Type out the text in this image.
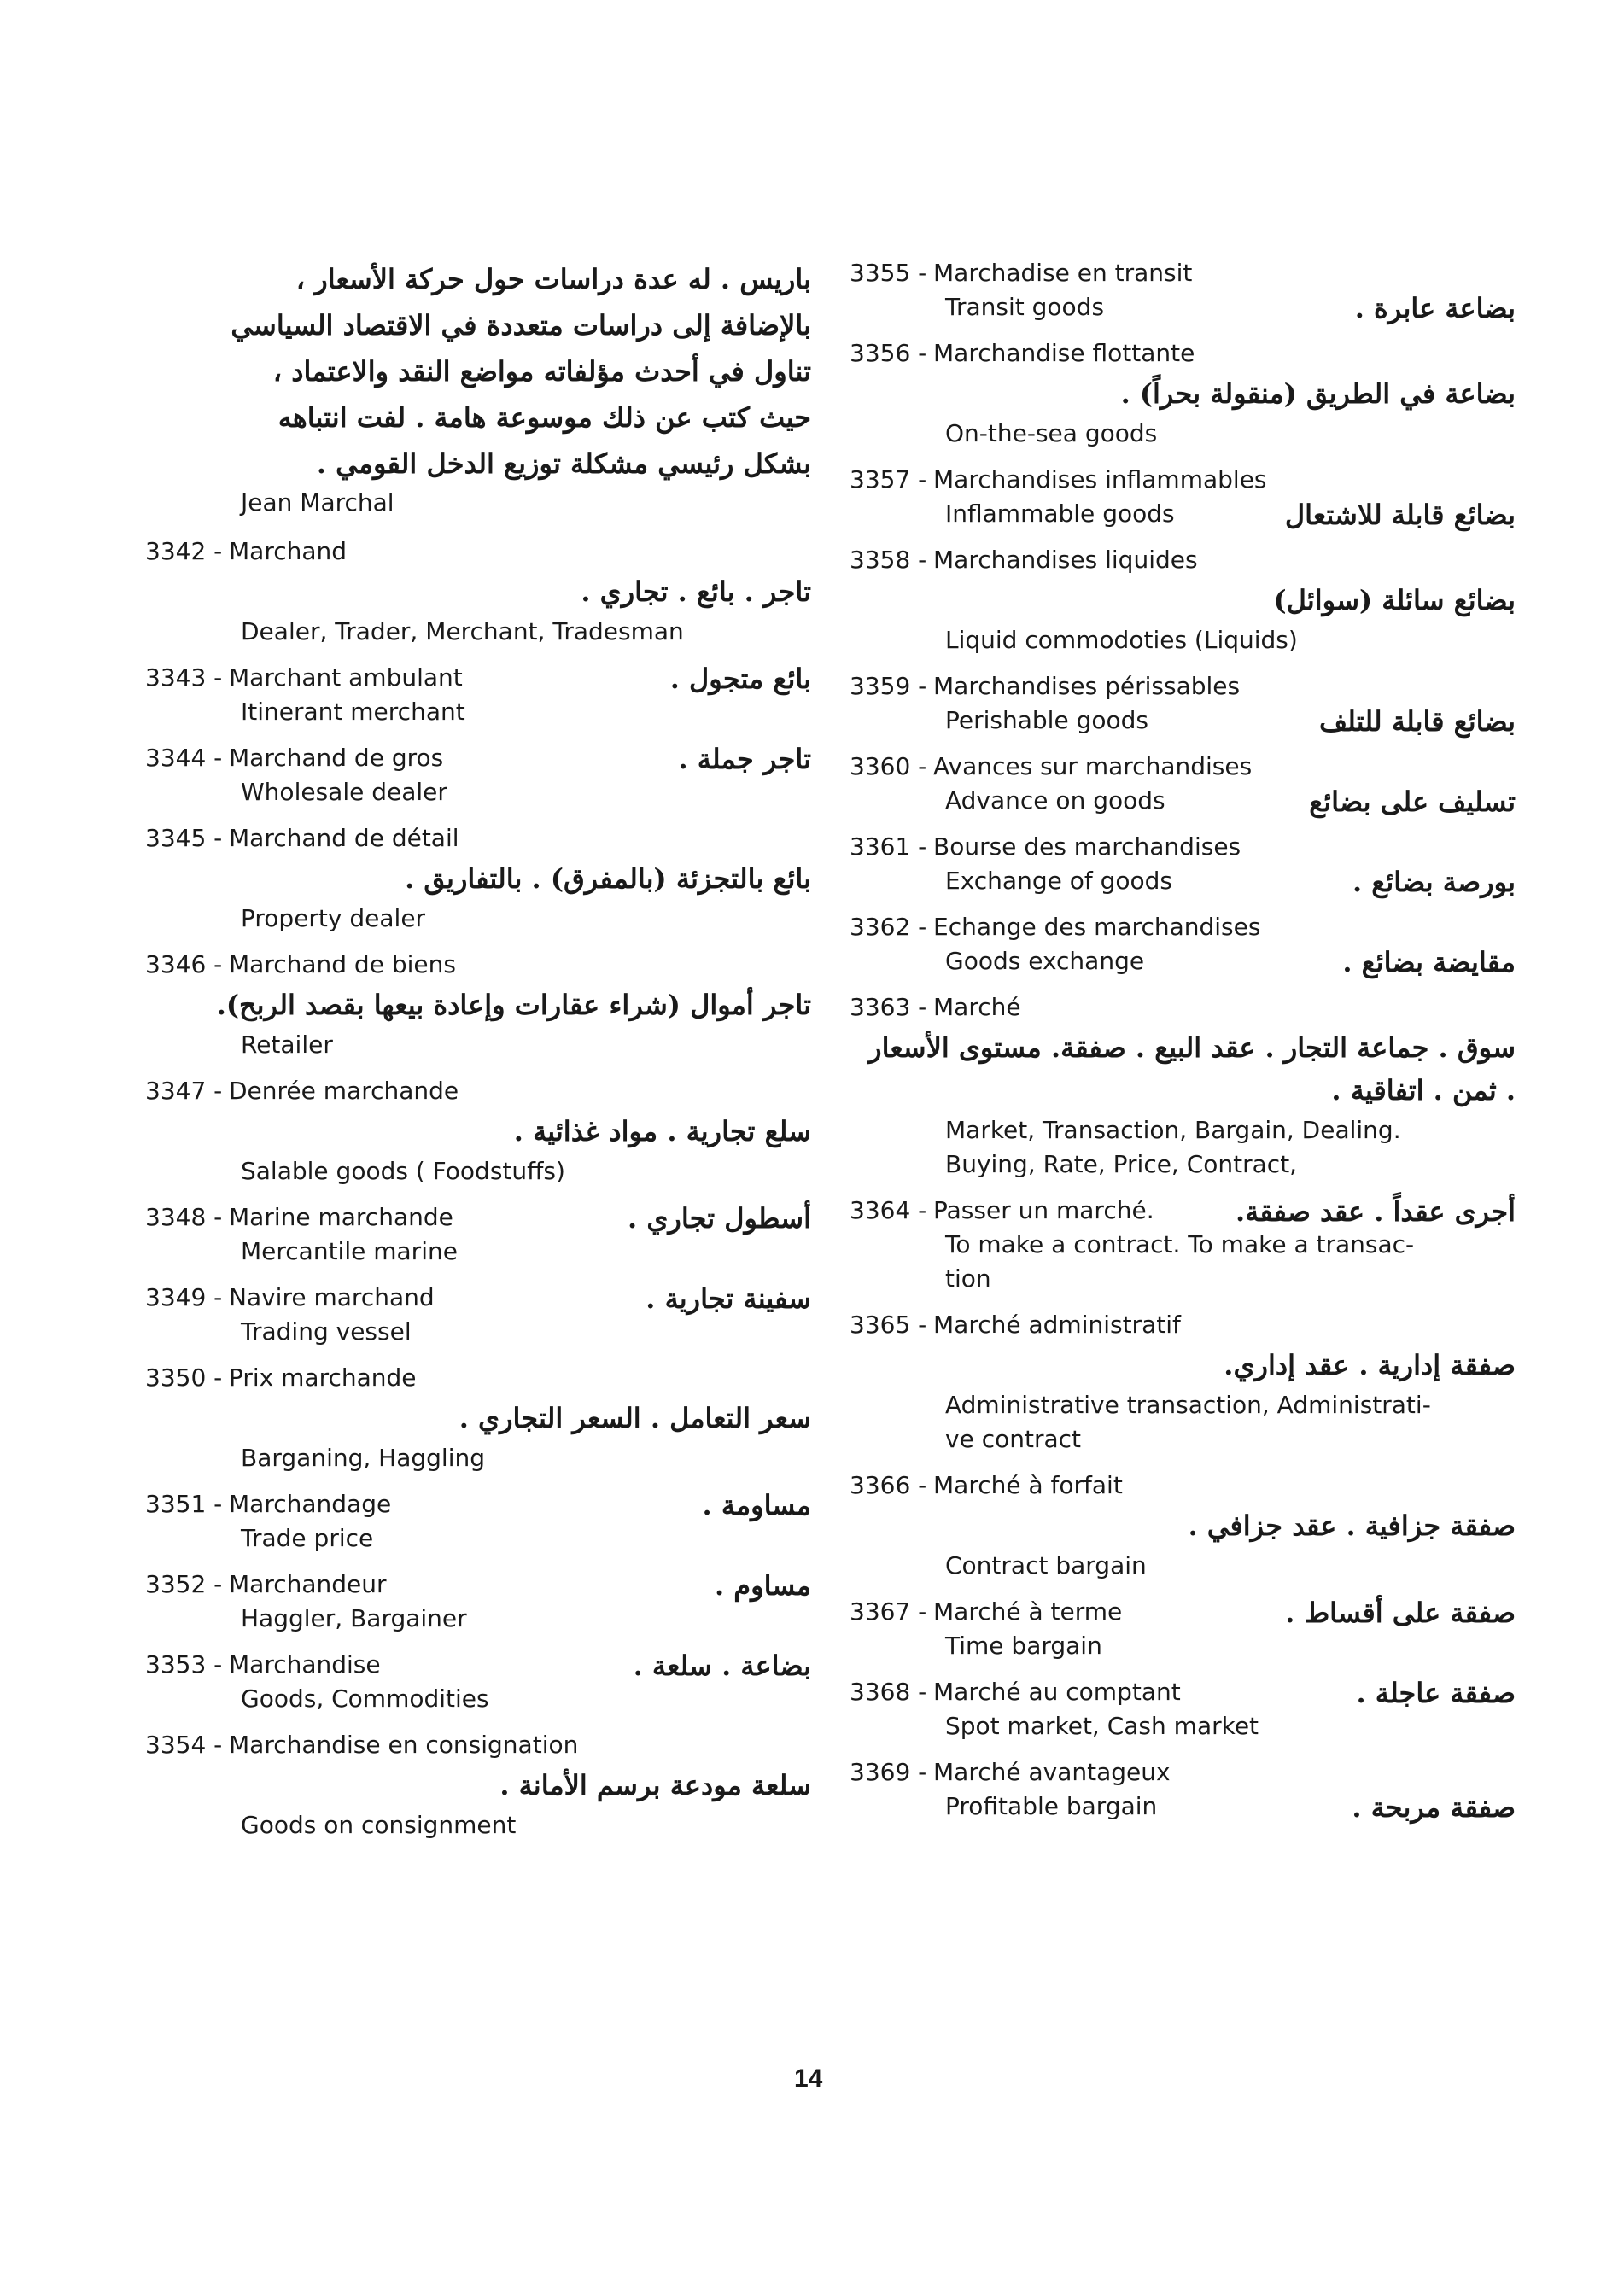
باريس . له عدة دراسات حول حركة الأسعار ،
بالإضافة إلى دراسات متعددة في الاقتصاد السياسي
تناول في أحدث مؤلفاته مواضع النقد والاعتماد ،
حيث كتب عن ذلك موسوعة هامة . لفت انتباهه
بشكل رئيسي مشكلة توزيع الدخل القومي .
Jean Marchal
3342 - Marchand
تاجر . بائع . تجاري .
Dealer, Trader, Merchant, Tradesman
3343 - Marchant ambulant
Itinerant merchant
بائع متجول .
3344 - Marchand de gros
Wholesale dealer
تاجر جملة .
3345 - Marchand de détail
بائع بالتجزئة (بالمفرق) . بالتفاريق .
Property dealer
3346 - Marchand de biens
تاجر أموال (شراء عقارات وإعادة بيعها بقصد الربح).
Retailer
3347 - Denrée marchande
سلع تجارية . مواد غذائية .
Salable goods ( Foodstuffs)
3348 - Marine marchande
Mercantile marine
أسطول تجاري .
3349 - Navire marchand
Trading vessel
سفينة تجارية .
3350 - Prix marchande
سعر التعامل . السعر التجاري .
Barganing, Haggling
3351 - Marchandage
Trade price
مساومة .
3352 - Marchandeur
Haggler, Bargainer
مساوم .
3353 - Marchandise
Goods, Commodities
بضاعة . سلعة .
3354 - Marchandise en consignation
سلعة مودعة برسم الأمانة .
Goods on consignment
3355 - Marchadise en transit
Transit goods	بضاعة عابرة .
3356 - Marchandise flottante
بضاعة في الطريق (منقولة بحراً) .
On-the-sea goods
3357 - Marchandises inflammables
Inflammable goods	بضائع قابلة للاشتعال
3358 - Marchandises liquides
بضائع سائلة (سوائل)
Liquid commodoties (Liquids)
3359 - Marchandises périssables
Perishable goods	بضائع قابلة للتلف
3360 - Avances sur marchandises
Advance on goods	تسليف على بضائع
3361 - Bourse des marchandises
Exchange of goods	بورصة بضائع .
3362 - Echange des marchandises
Goods exchange	مقايضة بضائع .
3363 - Marché
سوق . جماعة التجار . عقد البيع . صفقة. مستوى الأسعار . ثمن . اتفاقية .
Market, Transaction, Bargain, Dealing.
Buying, Rate, Price, Contract,
3364 - Passer un marché.
To make a contract. To make a transac-
tion
أجرى عقداً . عقد صفقة.
3365 - Marché administratif
صفقة إدارية . عقد إداري.
Administrative transaction, Administrati-
ve contract
3366 - Marché à forfait
صفقة جزافية . عقد جزافي .
Contract bargain
3367 - Marché à terme
Time bargain
صفقة على أقساط .
3368 - Marché au comptant
Spot market, Cash market
صفقة عاجلة .
3369 - Marché avantageux
Profitable bargain	صفقة مربحة .
14
